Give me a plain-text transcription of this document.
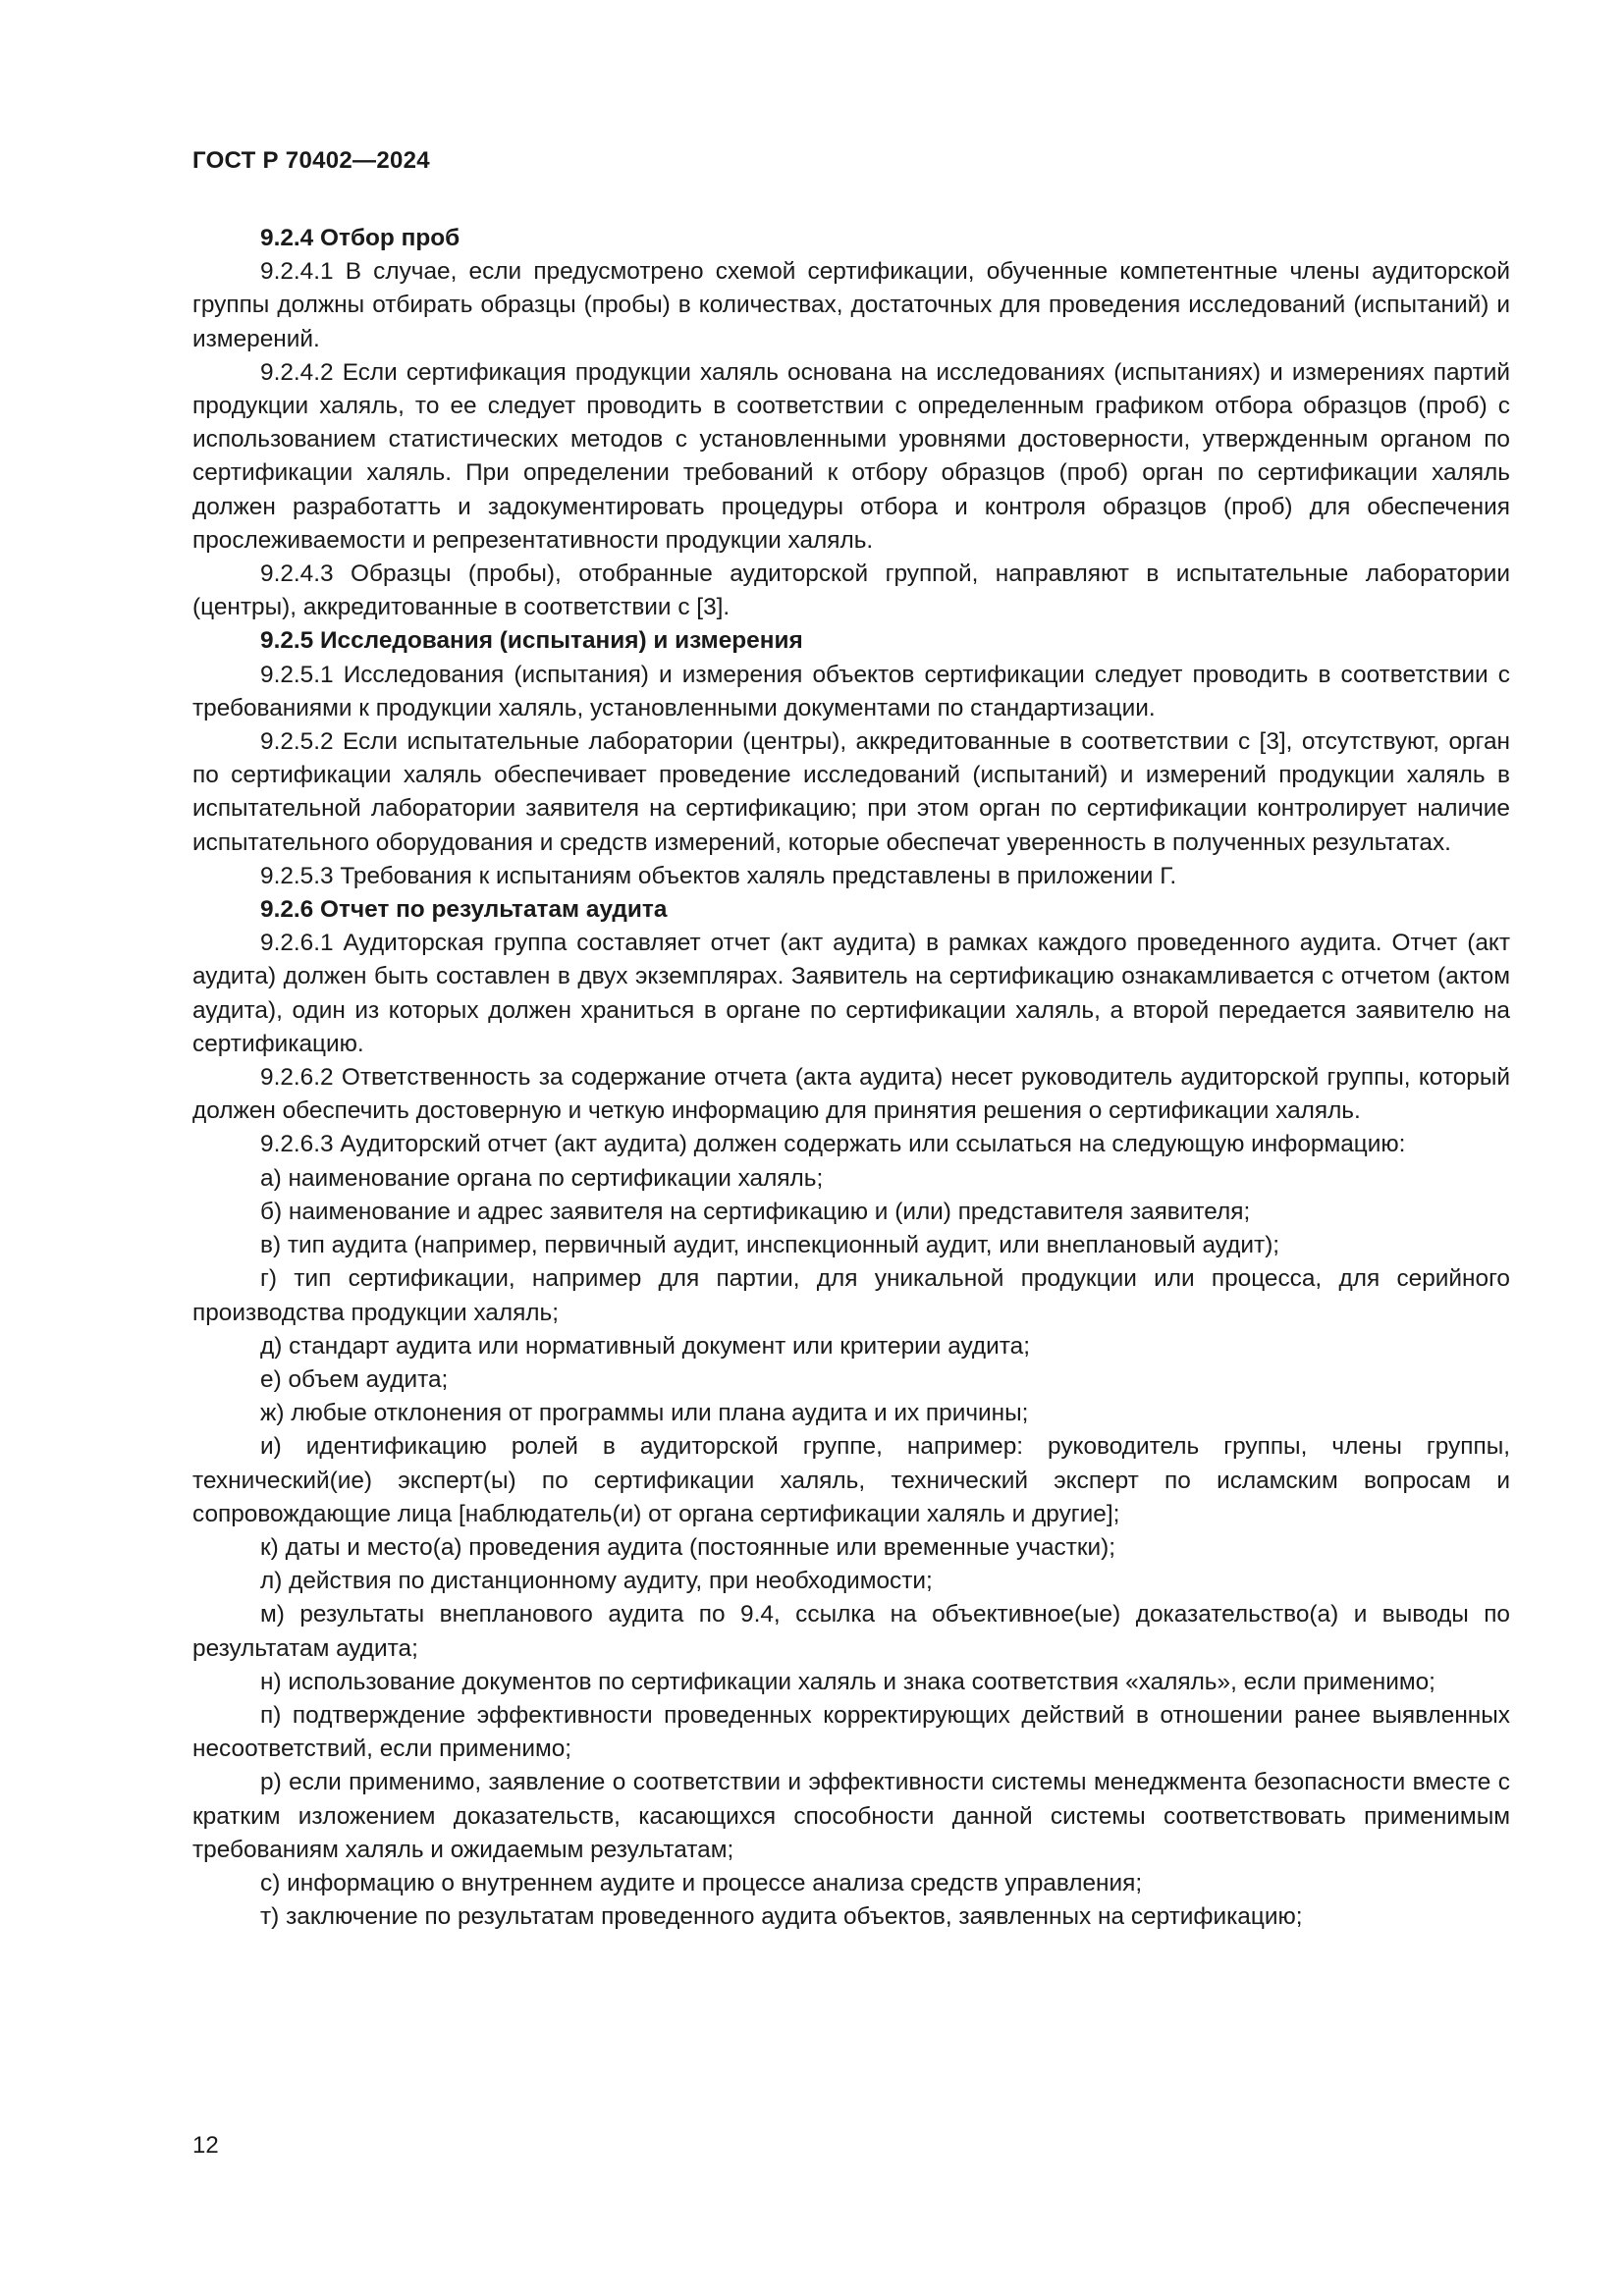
ГОСТ Р 70402—2024

9.2.4 Отбор проб

9.2.4.1 В случае, если предусмотрено схемой сертификации, обученные компетентные члены аудиторской группы должны отбирать образцы (пробы) в количествах, достаточных для проведения исследований (испытаний) и измерений.

9.2.4.2 Если сертификация продукции халяль основана на исследованиях (испытаниях) и измерениях партий продукции халяль, то ее следует проводить в соответствии с определенным графиком отбора образцов (проб) с использованием статистических методов с установленными уровнями достоверности, утвержденным органом по сертификации халяль. При определении требований к отбору образцов (проб) орган по сертификации халяль должен разработатть и задокументировать процедуры отбора и контроля образцов (проб) для обеспечения прослеживаемости и репрезентативности продукции халяль.

9.2.4.3 Образцы (пробы), отобранные аудиторской группой, направляют в испытательные лаборатории (центры), аккредитованные в соответствии с [3].

9.2.5 Исследования (испытания) и измерения

9.2.5.1 Исследования (испытания) и измерения объектов сертификации следует проводить в соответствии с требованиями к продукции халяль, установленными документами по стандартизации.

9.2.5.2 Если испытательные лаборатории (центры), аккредитованные в соответствии с [3], отсутствуют, орган по сертификации халяль обеспечивает проведение исследований (испытаний) и измерений продукции халяль в испытательной лаборатории заявителя на сертификацию; при этом орган по сертификации контролирует наличие испытательного оборудования и средств измерений, которые обеспечат уверенность в полученных результатах.

9.2.5.3 Требования к испытаниям объектов халяль представлены в приложении Г.

9.2.6 Отчет по результатам аудита

9.2.6.1 Аудиторская группа составляет отчет (акт аудита) в рамках каждого проведенного аудита. Отчет (акт аудита) должен быть составлен в двух экземплярах. Заявитель на сертификацию ознакамливается с отчетом (актом аудита), один из которых должен храниться в органе по сертификации халяль, а второй передается заявителю на сертификацию.

9.2.6.2 Ответственность за содержание отчета (акта аудита) несет руководитель аудиторской группы, который должен обеспечить достоверную и четкую информацию для принятия решения о сертификации халяль.

9.2.6.3 Аудиторский отчет (акт аудита) должен содержать или ссылаться на следующую информацию:

а) наименование органа по сертификации халяль;

б) наименование и адрес заявителя на сертификацию и (или) представителя заявителя;

в) тип аудита (например, первичный аудит, инспекционный аудит, или внеплановый аудит);

г) тип сертификации, например для партии, для уникальной продукции или процесса, для серийного производства продукции халяль;

д) стандарт аудита или нормативный документ или критерии аудита;

е) объем аудита;

ж) любые отклонения от программы или плана аудита и их причины;

и) идентификацию ролей в аудиторской группе, например: руководитель группы, члены группы, технический(ие) эксперт(ы) по сертификации халяль, технический эксперт по исламским вопросам и сопровождающие лица [наблюдатель(и) от органа сертификации халяль и другие];

к) даты и место(а) проведения аудита (постоянные или временные участки);

л) действия по дистанционному аудиту, при необходимости;

м) результаты внепланового аудита по 9.4, ссылка на объективное(ые) доказательство(а) и выводы по результатам аудита;

н) использование документов по сертификации халяль и знака соответствия «халяль», если применимо;

п) подтверждение эффективности проведенных корректирующих действий в отношении ранее выявленных несоответствий, если применимо;

р) если применимо, заявление о соответствии и эффективности системы менеджмента безопасности вместе с кратким изложением доказательств, касающихся способности данной системы соответствовать применимым требованиям халяль и ожидаемым результатам;

с) информацию о внутреннем аудите и процессе анализа средств управления;

т) заключение по результатам проведенного аудита объектов, заявленных на сертификацию;

12
